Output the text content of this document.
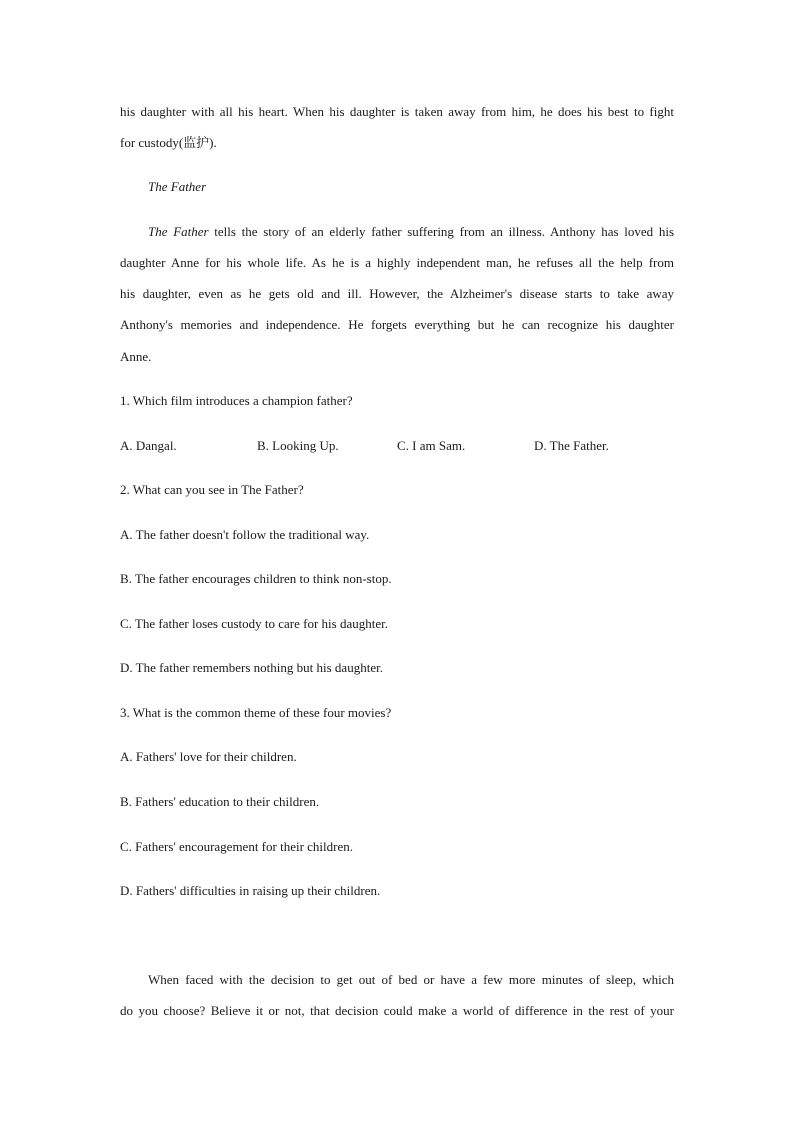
his daughter with all his heart. When his daughter is taken away from him, he does his best to fight
for custody(监护).
The Father
The Father tells the story of an elderly father suffering from an illness. Anthony has loved his
daughter Anne for his whole life. As he is a highly independent man, he refuses all the help from
his daughter, even as he gets old and ill. However, the Alzheimer's disease starts to take away
Anthony's memories and independence. He forgets everything but he can recognize his daughter
Anne.
1. Which film introduces a champion father?
A. Dangal.	B. Looking Up.	C. I am Sam.	D. The Father.
2. What can you see in The Father?
A. The father doesn't follow the traditional way.
B. The father encourages children to think non-stop.
C. The father loses custody to care for his daughter.
D. The father remembers nothing but his daughter.
3. What is the common theme of these four movies?
A. Fathers' love for their children.
B. Fathers' education to their children.
C. Fathers' encouragement for their children.
D. Fathers' difficulties in raising up their children.
When faced with the decision to get out of bed or have a few more minutes of sleep, which
do you choose? Believe it or not, that decision could make a world of difference in the rest of your
